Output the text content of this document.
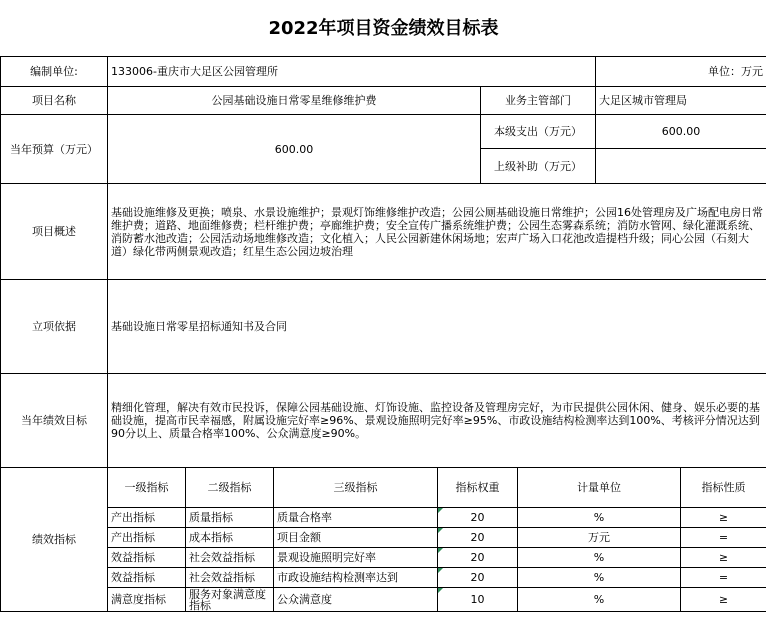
2022年项目资金绩效目标表									
编制单位:	133006-重庆市大足区公园管理所						单位：万元		
项目名称	公园基础设施日常零星维修维护费				业务主管部门		大足区城市管理局		
当年预算（万元）	600.00				本级支出（万元）		600.00		
					上级补助（万元）				
项目概述	基础设施维修及更换；喷泉、水景设施维护；景观灯饰维修维护改造；公园公厕基础设施日常维护；公园16处管理房及广场配电房日常维护费；道路、地面维修费；栏杆维护费；亭廊维护费；安全宣传广播系统维护费；公园生态雾森系统；消防水管网、绿化灌溉系统、消防蓄水池改造；公园活动场地维修改造；文化植入；人民公园新建休闲场地；宏声广场入口花池改造提档升级；同心公园（石刻大道）绿化带两侧景观改造；红星生态公园边坡治理								
立项依据	基础设施日常零星招标通知书及合同								
当年绩效目标	精细化管理，解决有效市民投诉，保障公园基础设施、灯饰设施、监控设备及管理房完好，为市民提供公园休闲、健身、娱乐必要的基础设施，提高市民幸福感，附属设施完好率≥96%、景观设施照明完好率≥95%、市政设施结构检测率达到100%、考核评分情况达到90分以上、质量合格率100%、公众满意度≥90%。								
绩效指标	一级指标	二级指标	三级指标	指标权重		计量单位		指标性质	
	产出指标	质量指标	质量合格率	20		%		≥	
	产出指标	成本指标	项目金额	20		万元		=	
	效益指标	社会效益指标	景观设施照明完好率	20		%		≥	
	效益指标	社会效益指标	市政设施结构检测率达到	20		%		=	
	满意度指标	服务对象满意度指标	公众满意度	10		%		≥	
